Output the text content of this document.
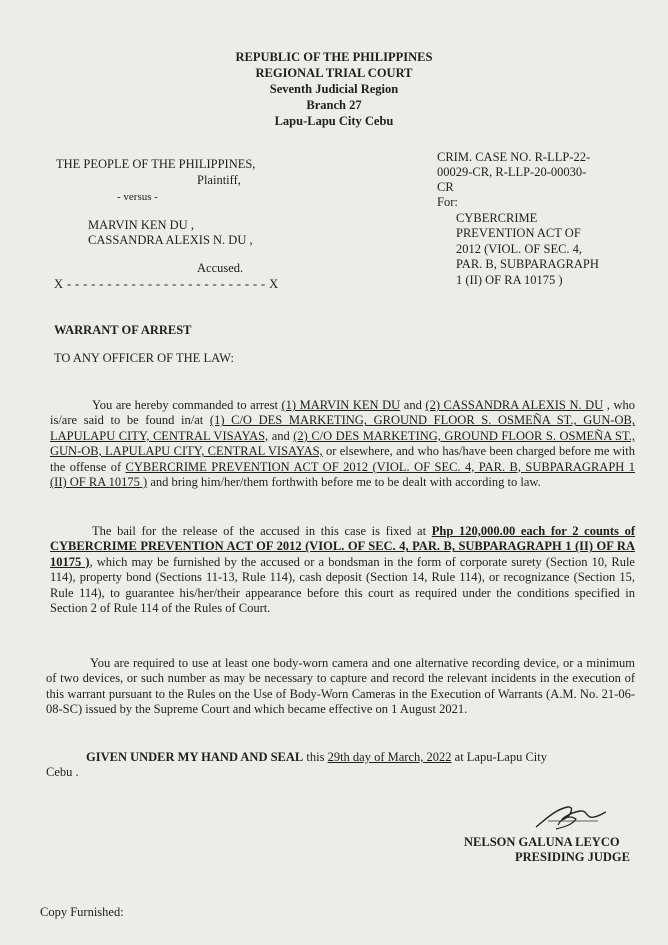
REPUBLIC OF THE PHILIPPINES
REGIONAL TRIAL COURT
Seventh Judicial Region
Branch 27
Lapu-Lapu City Cebu
THE PEOPLE OF THE PHILIPPINES,
Plaintiff,
- versus -
MARVIN KEN DU ,
CASSANDRA ALEXIS N. DU ,
Accused.
X - - - - - - - - - - - - - - - - - - - - - - - - - X
CRIM. CASE NO. R-LLP-22-
00029-CR, R-LLP-20-00030-
CR
For:
CYBERCRIME
PREVENTION ACT OF
2012 (VIOL. OF SEC. 4,
PAR. B, SUBPARAGRAPH
1 (II) OF RA 10175 )
WARRANT OF ARREST
TO ANY OFFICER OF THE LAW:
You are hereby commanded to arrest (1) MARVIN KEN DU and (2) CASSANDRA ALEXIS N. DU , who is/are said to be found in/at (1) C/O DES MARKETING, GROUND FLOOR S. OSMEÑA ST., GUN-OB, LAPULAPU CITY, CENTRAL VISAYAS, and (2) C/O DES MARKETING, GROUND FLOOR S. OSMEÑA ST., GUN-OB, LAPULAPU CITY, CENTRAL VISAYAS, or elsewhere, and who has/have been charged before me with the offense of CYBERCRIME PREVENTION ACT OF 2012 (VIOL. OF SEC. 4, PAR. B, SUBPARAGRAPH 1 (II) OF RA 10175 ) and bring him/her/them forthwith before me to be dealt with according to law.
The bail for the release of the accused in this case is fixed at Php 120,000.00 each for 2 counts of CYBERCRIME PREVENTION ACT OF 2012 (VIOL. OF SEC. 4, PAR. B, SUBPARAGRAPH 1 (II) OF RA 10175 ), which may be furnished by the accused or a bondsman in the form of corporate surety (Section 10, Rule 114), property bond (Sections 11-13, Rule 114), cash deposit (Section 14, Rule 114), or recognizance (Section 15, Rule 114), to guarantee his/her/their appearance before this court as required under the conditions specified in Section 2 of Rule 114 of the Rules of Court.
You are required to use at least one body-worn camera and one alternative recording device, or a minimum of two devices, or such number as may be necessary to capture and record the relevant incidents in the execution of this warrant pursuant to the Rules on the Use of Body-Worn Cameras in the Execution of Warrants (A.M. No. 21-06-08-SC) issued by the Supreme Court and which became effective on 1 August 2021.
GIVEN UNDER MY HAND AND SEAL this 29th day of March, 2022 at Lapu-Lapu City
Cebu .
NELSON GALUNA LEYCO
PRESIDING JUDGE
Copy Furnished:
